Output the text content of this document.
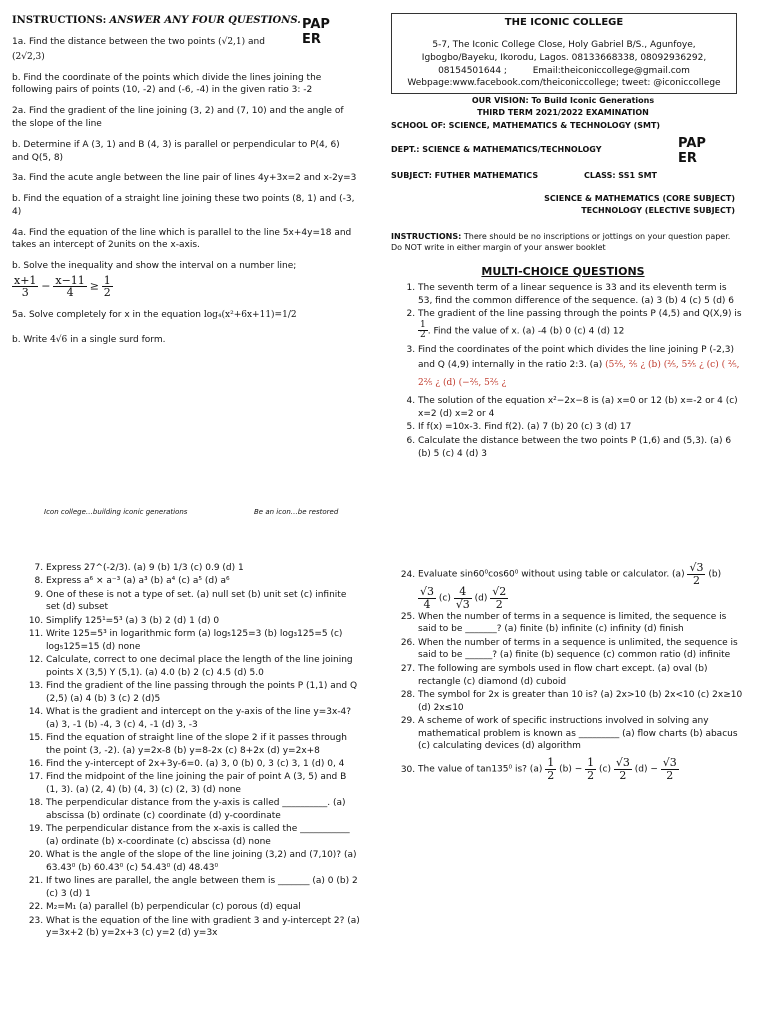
INSTRUCTIONS: ANSWER ANY FOUR QUESTIONS.
1a. Find the distance between the two points (√2,1) and
(2√2,3)
b. Find the coordinate of the points which divide the lines joining the following pairs of points (10, -2) and (-6, -4) in the given ratio 3: -2
2a. Find the gradient of the line joining (3, 2) and (7, 10) and the angle of the slope of the line
b. Determine if A (3, 1) and B (4, 3) is parallel or perpendicular to P(4, 6) and Q(5, 8)
3a. Find the acute angle between the line pair of lines 4y+3x=2 and x-2y=3
b. Find the equation of a straight line joining these two points (8, 1) and (-3, 4)
4a. Find the equation of the line which is parallel to the line 5x+4y=18 and takes an intercept of 2units on the x-axis.
b. Solve the inequality and show the interval on a number line;
$\frac{x+1}{3} - \frac{x-11}{4} \ge \frac{1}{2}$
5a. Solve completely for x in the equation log₄(x²+6x+11)=1/2
b. Write 4√6 in a single surd form.
PAP
ER
THE ICONIC COLLEGE
5-7, The Iconic College Close, Holy Gabriel B/S., Agunfoye,
Igbogbo/Bayeku, Ikorodu, Lagos. 08133668338, 08092936292,
08154501644 ;	Email:theiconiccollege@gmail.com
Webpage:www.facebook.com/theiconiccollege; tweet: @iconiccollege
OUR VISION: To Build Iconic Generations
THIRD TERM 2021/2022 EXAMINATION
SCHOOL OF: SCIENCE, MATHEMATICS & TECHNOLOGY (SMT)
DEPT.: SCIENCE & MATHEMATICS/TECHNOLOGY
SUBJECT: FUTHER MATHEMATICS	CLASS: SS1 SMT
PAP
ER
SCIENCE & MATHEMATICS (CORE SUBJECT)
TECHNOLOGY (ELECTIVE SUBJECT)
INSTRUCTIONS: There should be no inscriptions or jottings on your question paper. Do NOT write in either margin of your answer booklet
MULTI-CHOICE QUESTIONS
1. The seventh term of a linear sequence is 33 and its eleventh term is 53, find the common difference of the sequence. (a) 3 (b) 4 (c) 5 (d) 6
2. The gradient of the line passing through the points P (4,5) and Q(X,9) is
$\frac{1}{2}$ . Find the value of x. (a) -4 (b) 0 (c) 4 (d) 12
3. Find the coordinates of the point which divides the line joining P (-2,3) and Q (4,9) internally in the ratio 2:3. (a) (5⅖, ⅖ ¿ (b) (⅖, 5⅖ ¿ (c) ( ⅖, 2⅖ ¿ (d) (−⅖, 5⅖ ¿
4. The solution of the equation x²−2x−8 is (a) x=0 or 12 (b) x=-2 or 4 (c) x=2 (d) x=2 or 4
5. If f(x) =10x-3. Find f(2). (a) 7 (b) 20 (c) 3 (d) 17
6. Calculate the distance between the two points P (1,6) and (5,3). (a) 6 (b) 5 (c) 4 (d) 3
Icon college…building iconic generations	Be an icon…be restored
7. Express 27^(-2/3). (a) 9 (b) 1/3 (c) 0.9 (d) 1
8. Express a⁶ × a⁻³ (a) a³ (b) a⁴ (c) a⁵ (d) a⁶
9. One of these is not a type of set. (a) null set (b) unit set (c) infinite set (d) subset
10. Simplify 125¹=5³ (a) 3 (b) 2 (d) 1 (d) 0
11. Write 125=5³ in logarithmic form (a) log₅125=3 (b) log₃125=5 (c) log₅125=15 (d) none
12. Calculate, correct to one decimal place the length of the line joining points X (3,5) Y (5,1). (a) 4.0 (b) 2 (c) 4.5 (d) 5.0
13. Find the gradient of the line passing through the points P (1,1) and Q (2,5) (a) 4 (b) 3 (c) 2 (d)5
14. What is the gradient and intercept on the y-axis of the line y=3x-4? (a) 3, -1 (b) -4, 3 (c) 4, -1 (d) 3, -3
15. Find the equation of straight line of the slope 2 if it passes through the point (3, -2). (a) y=2x-8 (b) y=8-2x (c) 8+2x (d) y=2x+8
16. Find the y-intercept of 2x+3y-6=0. (a) 3, 0 (b) 0, 3 (c) 3, 1 (d) 0, 4
17. Find the midpoint of the line joining the pair of point A (3, 5) and B (1, 3). (a) (2, 4) (b) (4, 3) (c) (2, 3) (d) none
18. The perpendicular distance from the y-axis is called __________. (a) abscissa (b) ordinate (c) coordinate (d) y-coordinate
19. The perpendicular distance from the x-axis is called the ___________ (a) ordinate (b) x-coordinate (c) abscissa (d) none
20. What is the angle of the slope of the line joining (3,2) and (7,10)? (a) 63.43⁰ (b) 60.43⁰ (c) 54.43⁰ (d) 48.43⁰
21. If two lines are parallel, the angle between them is _______ (a) 0 (b) 2 (c) 3 (d) 1
22. M₂=M₁ (a) parallel (b) perpendicular (c) porous (d) equal
23. What is the equation of the line with gradient 3 and y-intercept 2? (a) y=3x+2 (b) y=2x+3 (c) y=2 (d) y=3x
24. Evaluate sin60⁰cos60⁰ without using table or calculator. $(a) \frac{√3}{2} (b)$

$\frac{√3}{4} (c) \frac{4}{√3} (d) \frac{√2}{2}$
25. When the number of terms in a sequence is limited, the sequence is said to be _______? (a) finite (b) infinite (c) infinity (d) finish
26. When the number of terms in a sequence is unlimited, the sequence is said to be ______? (a) finite (b) sequence (c) common ratio (d) infinite
27. The following are symbols used in flow chart except. (a) oval (b) rectangle (c) diamond (d) cuboid
28. The symbol for 2x is greater than 10 is? (a) 2x>10 (b) 2x<10 (c) 2x≥10 (d) 2x≤10
29. A scheme of work of specific instructions involved in solving any mathematical problem is known as _________ (a) flow charts (b) abacus (c) calculating devices (d) algorithm
30. The value of tan135⁰ is? $(a) \frac{1}{2} (b) - \frac{1}{2} (c) \frac{√3}{2} (d) - \frac{√3}{2}$
